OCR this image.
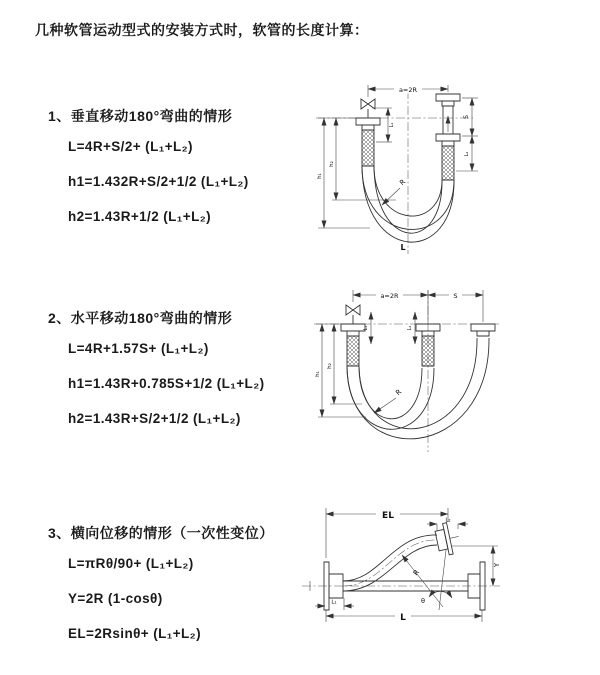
几种软管运动型式的安装方式时，软管的长度计算：
1、垂直移动180°弯曲的情形

L=4R+S/2+ (L₁+L₂)

h1=1.432R+S/2+1/2 (L₁+L₂)

h2=1.43R+1/2 (L₁+L₂)

2、水平移动180°弯曲的情形

L=4R+1.57S+ (L₁+L₂)

h1=1.43R+0.785S+1/2 (L₁+L₂)

h2=1.43R+S/2+1/2 (L₁+L₂)

3、横向位移的情形（一次性变位）

L=πRθ/90+ (L₁+L₂)

Y=2R (1-cosθ)

EL=2Rsinθ+ (L₁+L₂)

a=2R
R
L
h₁
h₂
L₁
S
L₂
a=2R	S
L₁	L₂
R
h₁
h₂
EL	L₂
Y
R
θ
L₁
L
